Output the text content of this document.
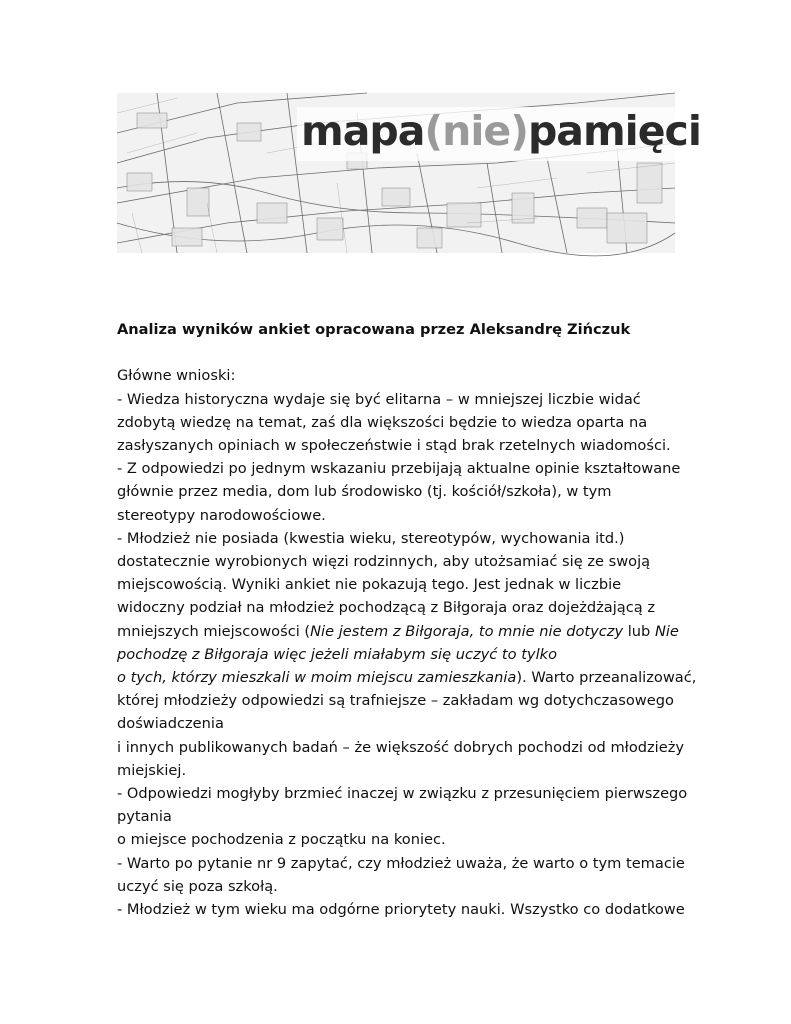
mapa (nie) pamięci

Analiza wyników ankiet opracowana przez Aleksandrę Zińczuk

Główne wnioski:

- Wiedza historyczna wydaje się być elitarna – w mniejszej liczbie widać

zdobytą wiedzę na temat, zaś dla większości będzie to wiedza oparta na

zasłyszanych opiniach w społeczeństwie i stąd brak rzetelnych wiadomości.

- Z odpowiedzi po jednym wskazaniu przebijają aktualne opinie kształtowane

głównie przez media, dom lub środowisko (tj. kościół/szkoła), w tym

stereotypy narodowościowe.

- Młodzież nie posiada (kwestia wieku, stereotypów, wychowania itd.)

dostatecznie wyrobionych więzi rodzinnych, aby utożsamiać się ze swoją

miejscowością. Wyniki ankiet nie pokazują tego. Jest jednak w liczbie

widoczny podział na młodzież pochodzącą z Biłgoraja oraz dojeżdżającą z

mniejszych miejscowości (Nie jestem z Biłgoraja, to mnie nie dotyczy lub Nie

pochodzę z Biłgoraja więc jeżeli miałabym się uczyć to tylko

o tych, którzy mieszkali w moim miejscu zamieszkania). Warto przeanalizować,

której młodzieży odpowiedzi są trafniejsze – zakładam wg dotychczasowego

doświadczenia

i innych publikowanych badań – że większość dobrych pochodzi od młodzieży

miejskiej.

- Odpowiedzi mogłyby brzmieć inaczej w związku z przesunięciem pierwszego

pytania

o miejsce pochodzenia z początku na koniec.

- Warto po pytanie nr 9 zapytać, czy młodzież uważa, że warto o tym temacie

uczyć się poza szkołą.

- Młodzież w tym wieku ma odgórne priorytety nauki. Wszystko co dodatkowe
